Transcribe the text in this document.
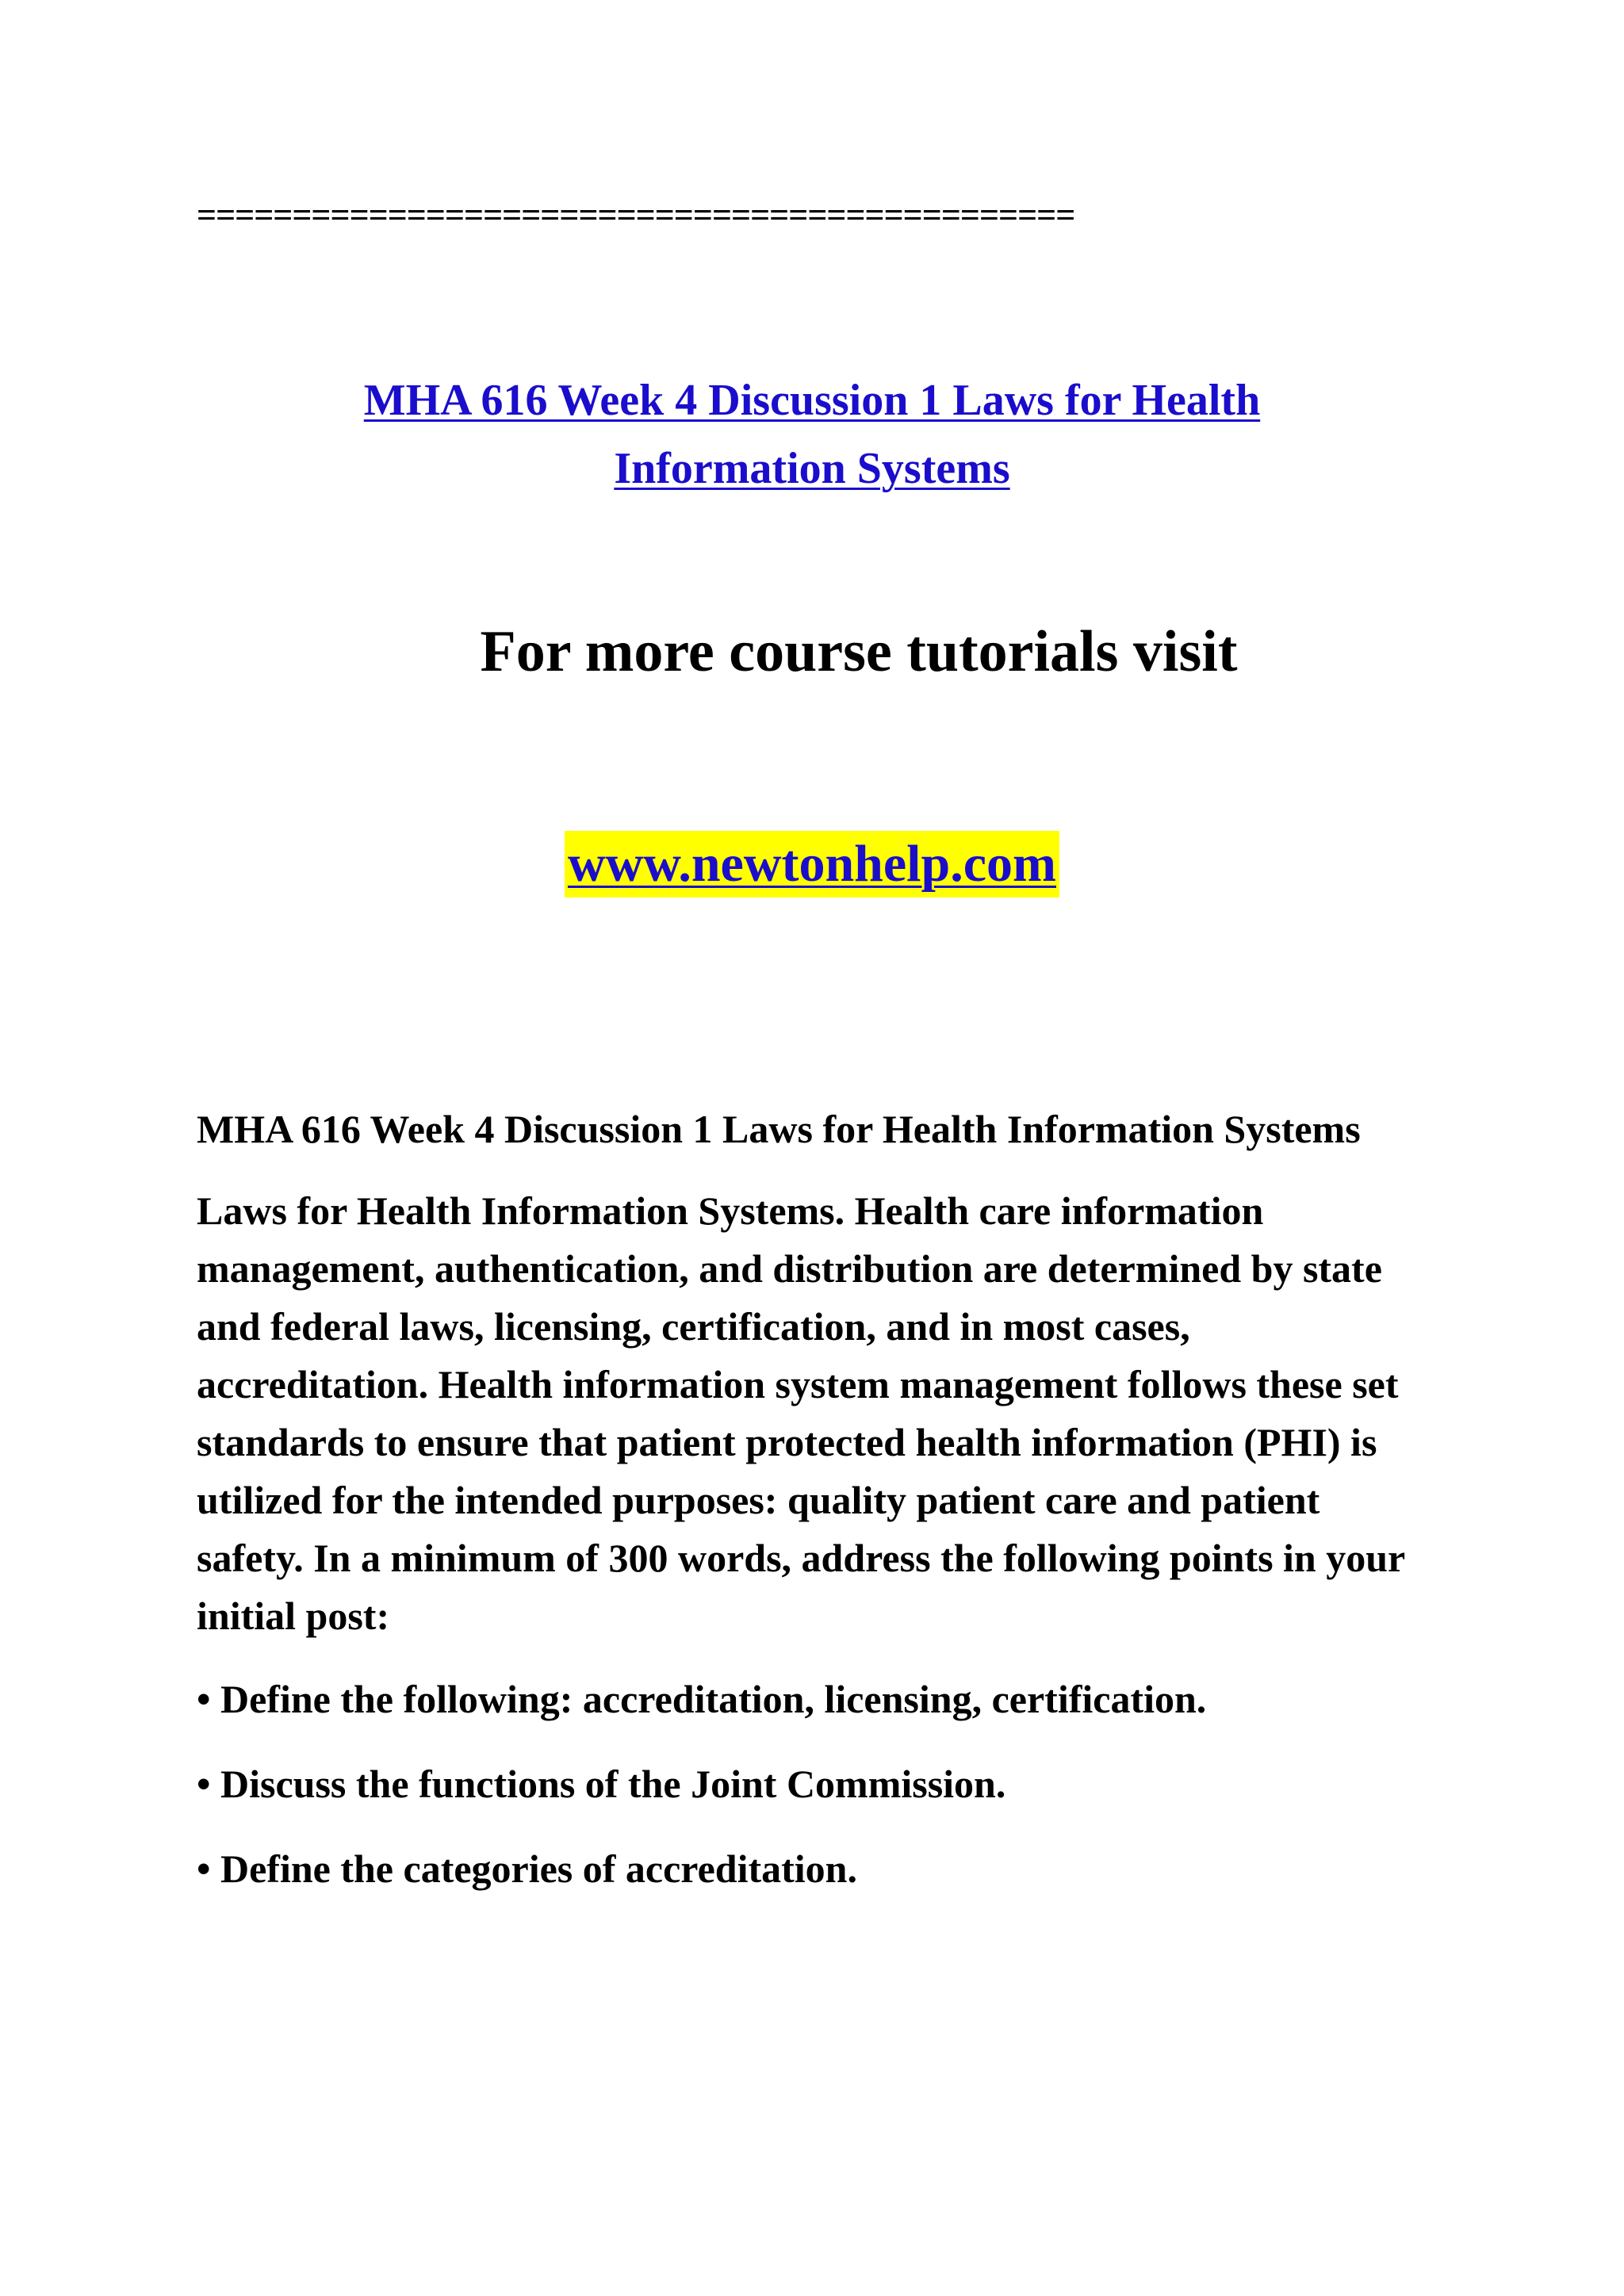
==============================================
MHA 616 Week 4 Discussion 1 Laws for Health
Information Systems
For more course tutorials visit
www.newtonhelp.com

MHA 616 Week 4 Discussion 1 Laws for Health Information Systems

Laws for Health Information Systems. Health care information management, authentication, and distribution are determined by state and federal laws, licensing, certification, and in most cases, accreditation. Health information system management follows these set standards to ensure that patient protected health information (PHI) is utilized for the intended purposes: quality patient care and patient safety. In a minimum of 300 words, address the following points in your initial post:

• Define the following: accreditation, licensing, certification.

• Discuss the functions of the Joint Commission.

• Define the categories of accreditation.
